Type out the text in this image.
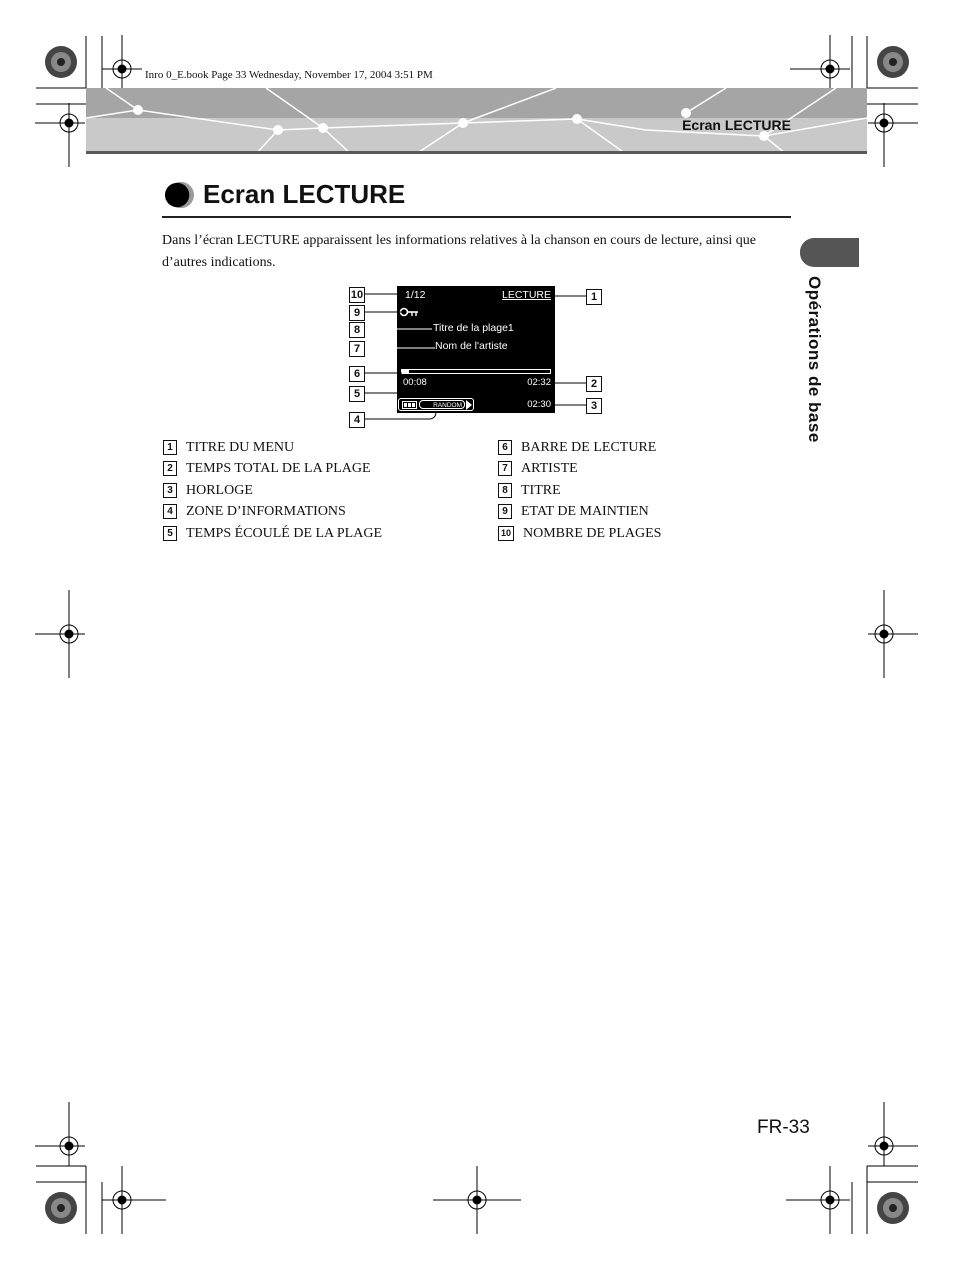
Inro 0_E.book Page 33 Wednesday, November 17, 2004 3:51 PM
Ecran LECTURE
Ecran LECTURE
Dans l’écran LECTURE apparaissent les informations relatives à la chanson en cours de lecture, ainsi que d’autres indications.
Opérations de base
1/12	LECTURE
Titre de la plage1
Nom de l'artiste
00:08	02:32
RANDOM	02:30
10
9
8
7
6
5
4
1
2
3
1 TITRE DU MENU
2 TEMPS TOTAL DE LA PLAGE
3 HORLOGE
4 ZONE D’INFORMATIONS
5 TEMPS ÉCOULÉ DE LA PLAGE
6 BARRE DE LECTURE
7 ARTISTE
8 TITRE
9 ETAT DE MAINTIEN
10 NOMBRE DE PLAGES
FR-33
